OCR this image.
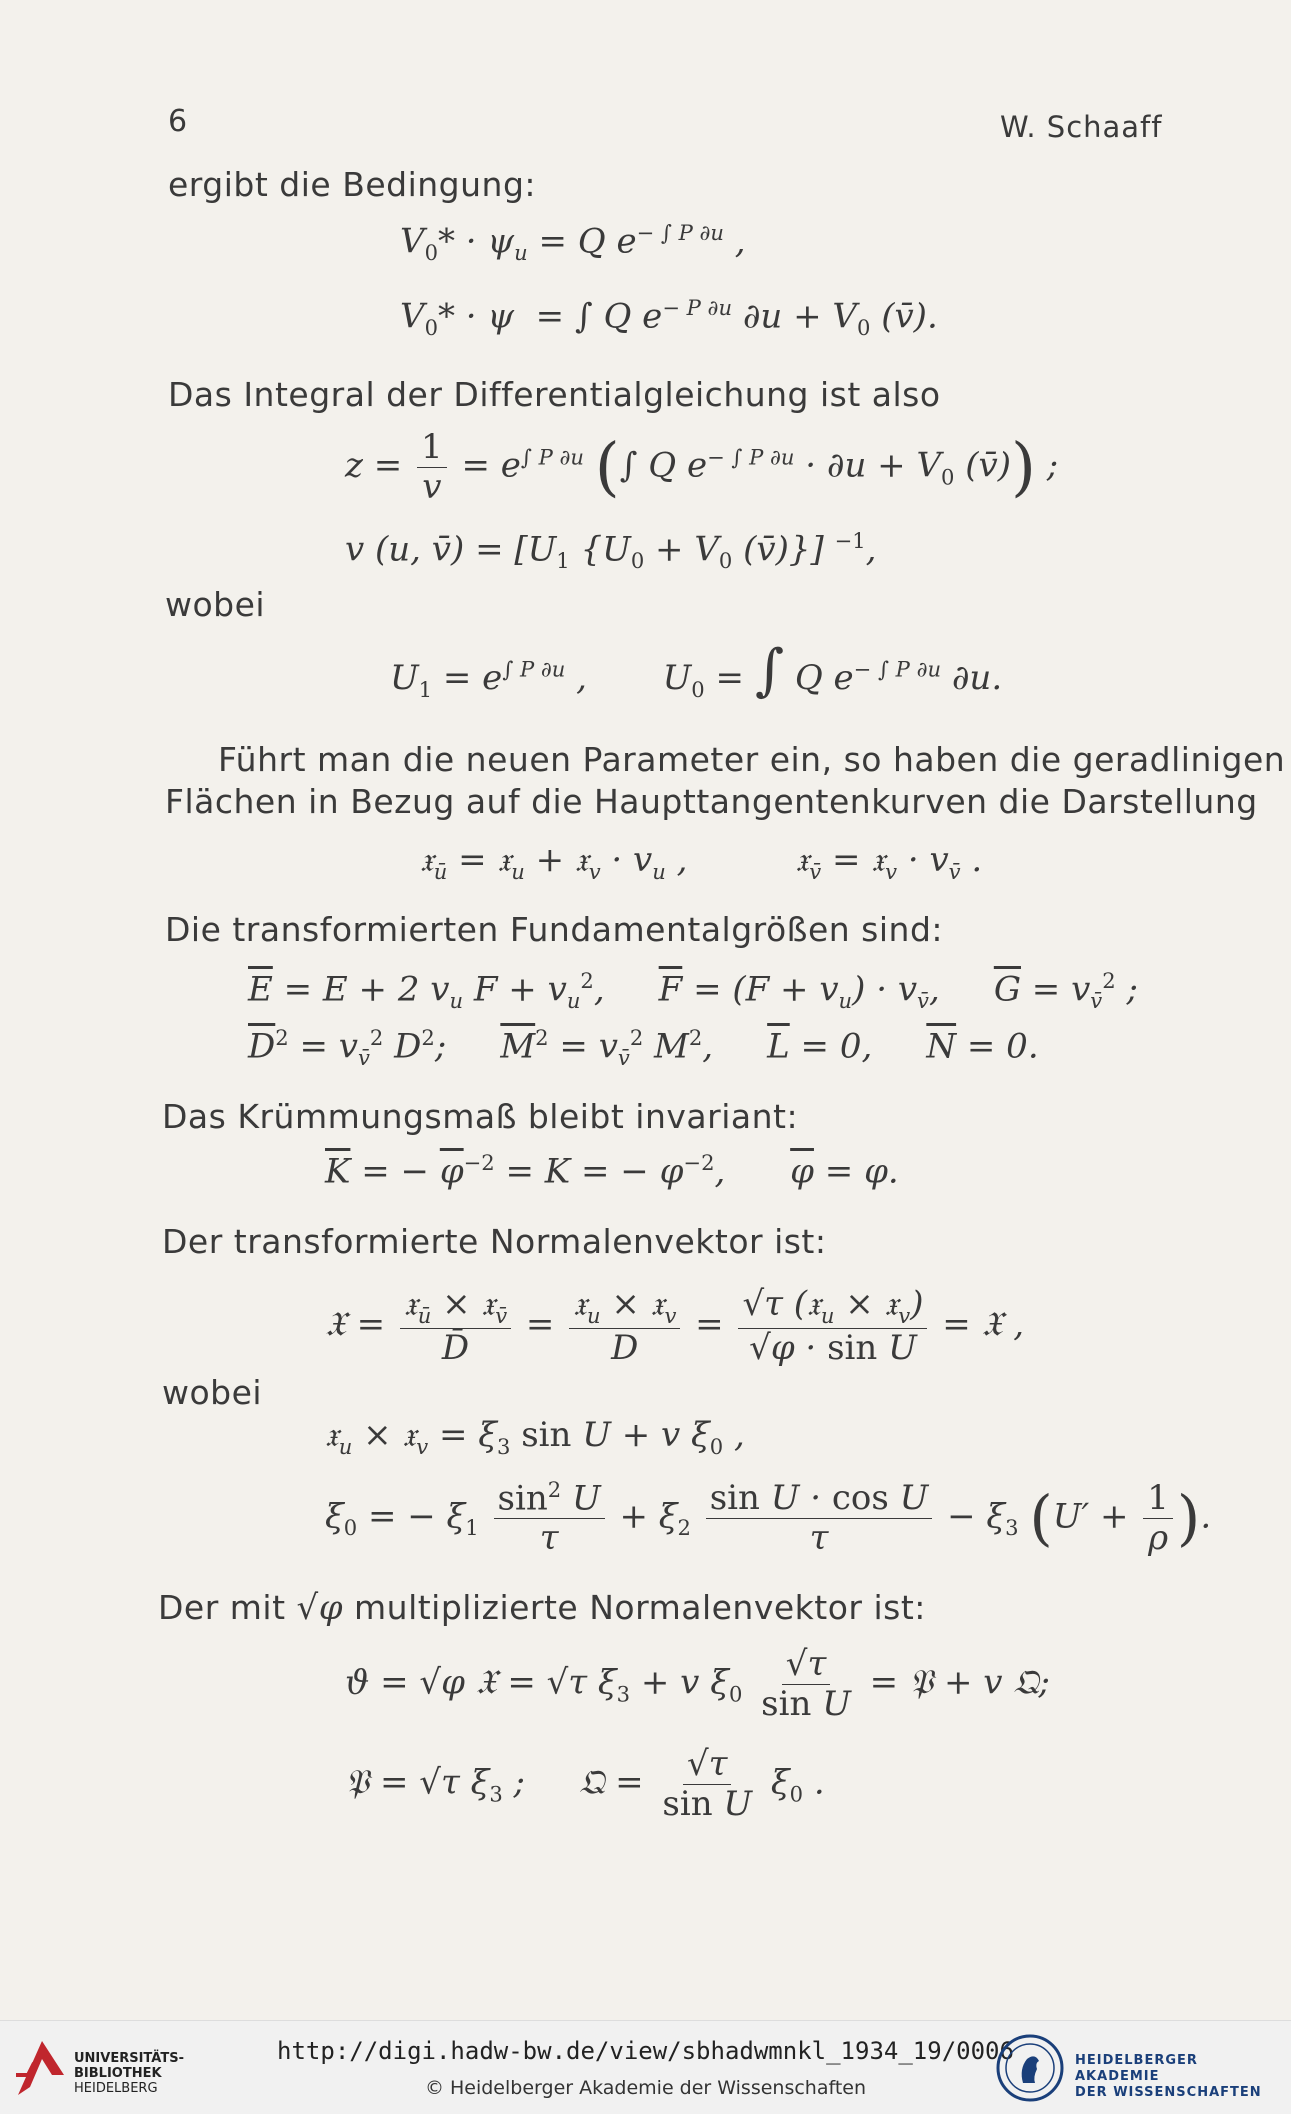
6	W. Schaaff
ergibt die Bedingung:
$V_0* \cdot \psi_u = Q$ $e^{- \int P \partial u}$ ,
$V_0* \cdot \psi$  = ∫ Q $e^{- P \partial u}$ $\partial u + V_0$ (v̄).
Das Integral der Differentialgleichung ist also
$z = \frac{1}{v} = e^{\int P \partial u}$ (∫ Q $e^{- \int P \partial u} \cdot \partial u + V_0$ (v̄)) ;
v (u, v̄) = [$U_1$ {$U_0 + V_0$ (v̄)}] $^{-1}$,
wobei
$U_1 = e^{\int P \partial u}$ ,       $U_0$ = ∫ Q $e^{- \int P \partial u}$ ∂u.
Führt man die neuen Parameter ein, so haben die geradlinigen
Flächen in Bezug auf die Haupttangentenkurven die Darstellung
𝔵$_ū$ = 𝔵$_u$ + 𝔵$_v$ · $v_u$ ,          𝔵$_{v̄}$ = 𝔵$_v$ · $v_{v̄}$ .
Die transformierten Fundamentalgrößen sind:
$\overline{E} = E + 2$ $v_u$ $F + v_u^2$,     $\overline{F} = (F + v_u) \cdot v_{v̄}$,     $\overline{G} = v_{v̄}^2$ ;
$\overline{D}^2 = v_{v̄}^2$ $D^2$;     $\overline{M}^2 = v_{v̄}^2$ $M^2$,     $\overline{L} = 0$,     $\overline{N} = 0$.
Das Krümmungsmaß bleibt invariant:
$\overline{K}$ = − $\overline{\varphi}^{-2} = K$ = − $\varphi^{-2}$,      $\overline{\varphi} = \varphi$.
Der transformierte Normalenvektor ist:
𝔛 = $\frac{𝔵_ū \times 𝔵_{v̄}}{D̄} = \frac{𝔵_u \times 𝔵_v}{D} = \frac{√\tau (𝔵_u \times 𝔵_v)}{\text{√φ · sin U}}$ = 𝔛 ,
wobei
𝔵$_u$ × 𝔵$_v$ = $\xi_3$ sin U + v $\xi_0$ ,
$\xi_0$ = − $\xi_1 \frac{\sin^2 U}{\tau} + \xi_2 \frac{\text{sin U · cos U}}{\tau} - \xi_3$ ($U' + \frac{1}{\rho}$ ).
Der mit √φ multiplizierte Normalenvektor ist:
ϑ = √φ 𝔛 = √τ $\xi_3 + v$ $\xi_0 \frac{√\tau}{\text{sin U}}$ = 𝔓 + v 𝔔;
𝔓 = √τ $\xi_3$ ;     𝔔 = $\frac{√\tau}{\text{sin U}} \xi_0$ .
UNIVERSITÄTS-
BIBLIOTHEK
HEIDELBERG
http://digi.hadw-bw.de/view/sbhadwmnkl_1934_19/0006
© Heidelberger Akademie der Wissenschaften
HEIDELBERGER AKADEMIE
DER WISSENSCHAFTEN
